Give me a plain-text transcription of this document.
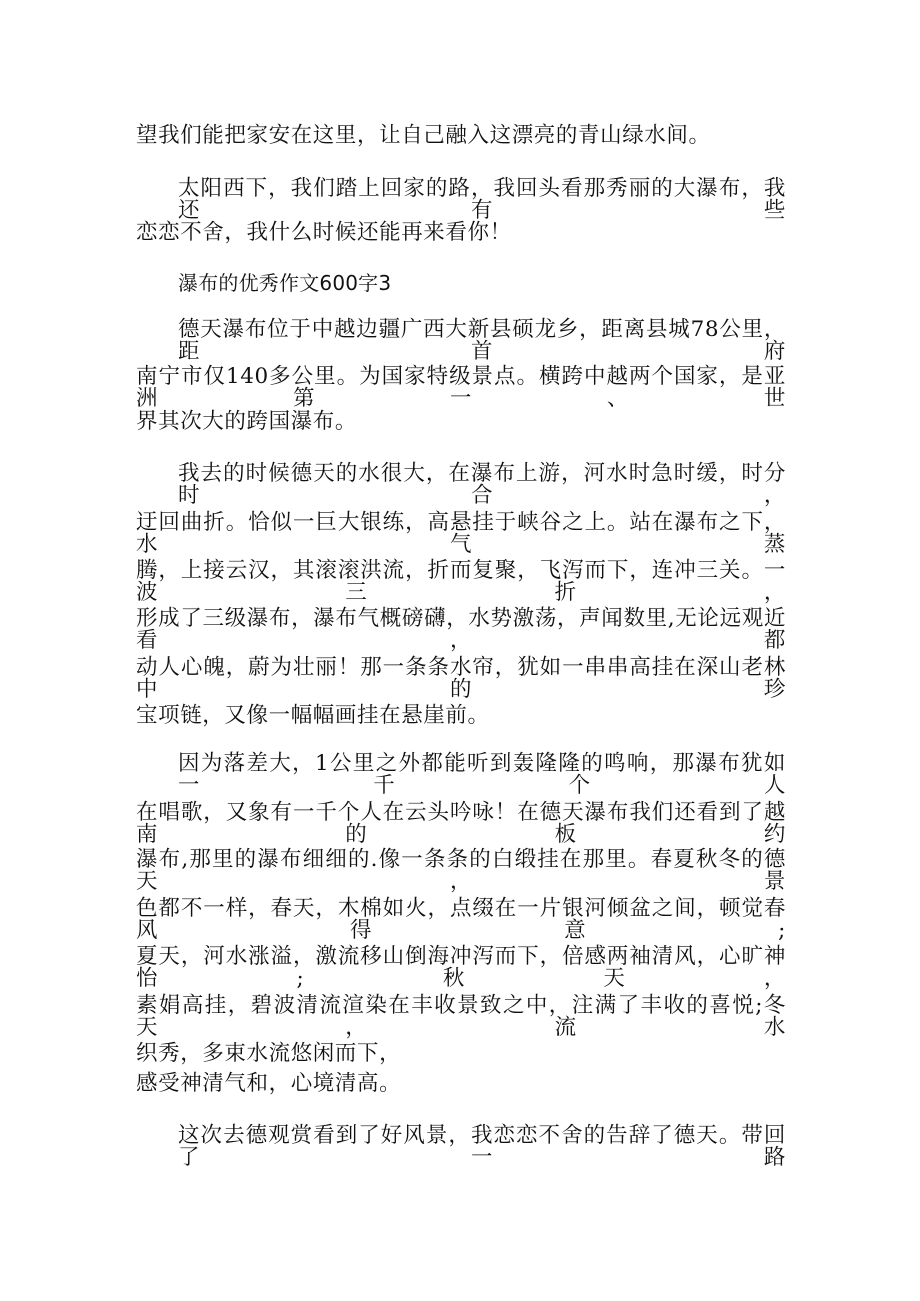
望我们能把家安在这里，让自己融入这漂亮的青山绿水间。
太阳西下，我们踏上回家的路，我回头看那秀丽的大瀑布，我还有些
恋恋不舍，我什么时候还能再来看你！
瀑布的优秀作文600字3
德天瀑布位于中越边疆广西大新县硕龙乡，距离县城78公里，距首府
南宁市仅140多公里。为国家特级景点。横跨中越两个国家，是亚洲第一、世
界其次大的跨国瀑布。
我去的时候德天的水很大，在瀑布上游，河水时急时缓，时分时合，
迂回曲折。恰似一巨大银练，高悬挂于峡谷之上。站在瀑布之下，水气蒸
腾，上接云汉，其滚滚洪流，折而复聚，飞泻而下，连冲三关。一波三折，
形成了三级瀑布，瀑布气概磅礴，水势激荡，声闻数里,无论远观近看，都
动人心魄，蔚为壮丽！那一条条水帘，犹如一串串高挂在深山老林中的珍
宝项链，又像一幅幅画挂在悬崖前。
因为落差大，1公里之外都能听到轰隆隆的鸣响，那瀑布犹如一千个人
在唱歌，又象有一千个人在云头吟咏！在德天瀑布我们还看到了越南的板约
瀑布,那里的瀑布细细的.像一条条的白缎挂在那里。春夏秋冬的德天，景
色都不一样，春天，木棉如火，点缀在一片银河倾盆之间，顿觉春风得意;
夏天，河水涨溢，激流移山倒海冲泻而下，倍感两袖清风，心旷神怡;秋天，
素娟高挂，碧波清流渲染在丰收景致之中，注满了丰收的喜悦;冬天，流水
织秀，多束水流悠闲而下，
感受神清气和，心境清高。
这次去德观赏看到了好风景，我恋恋不舍的告辞了德天。带回了一路
